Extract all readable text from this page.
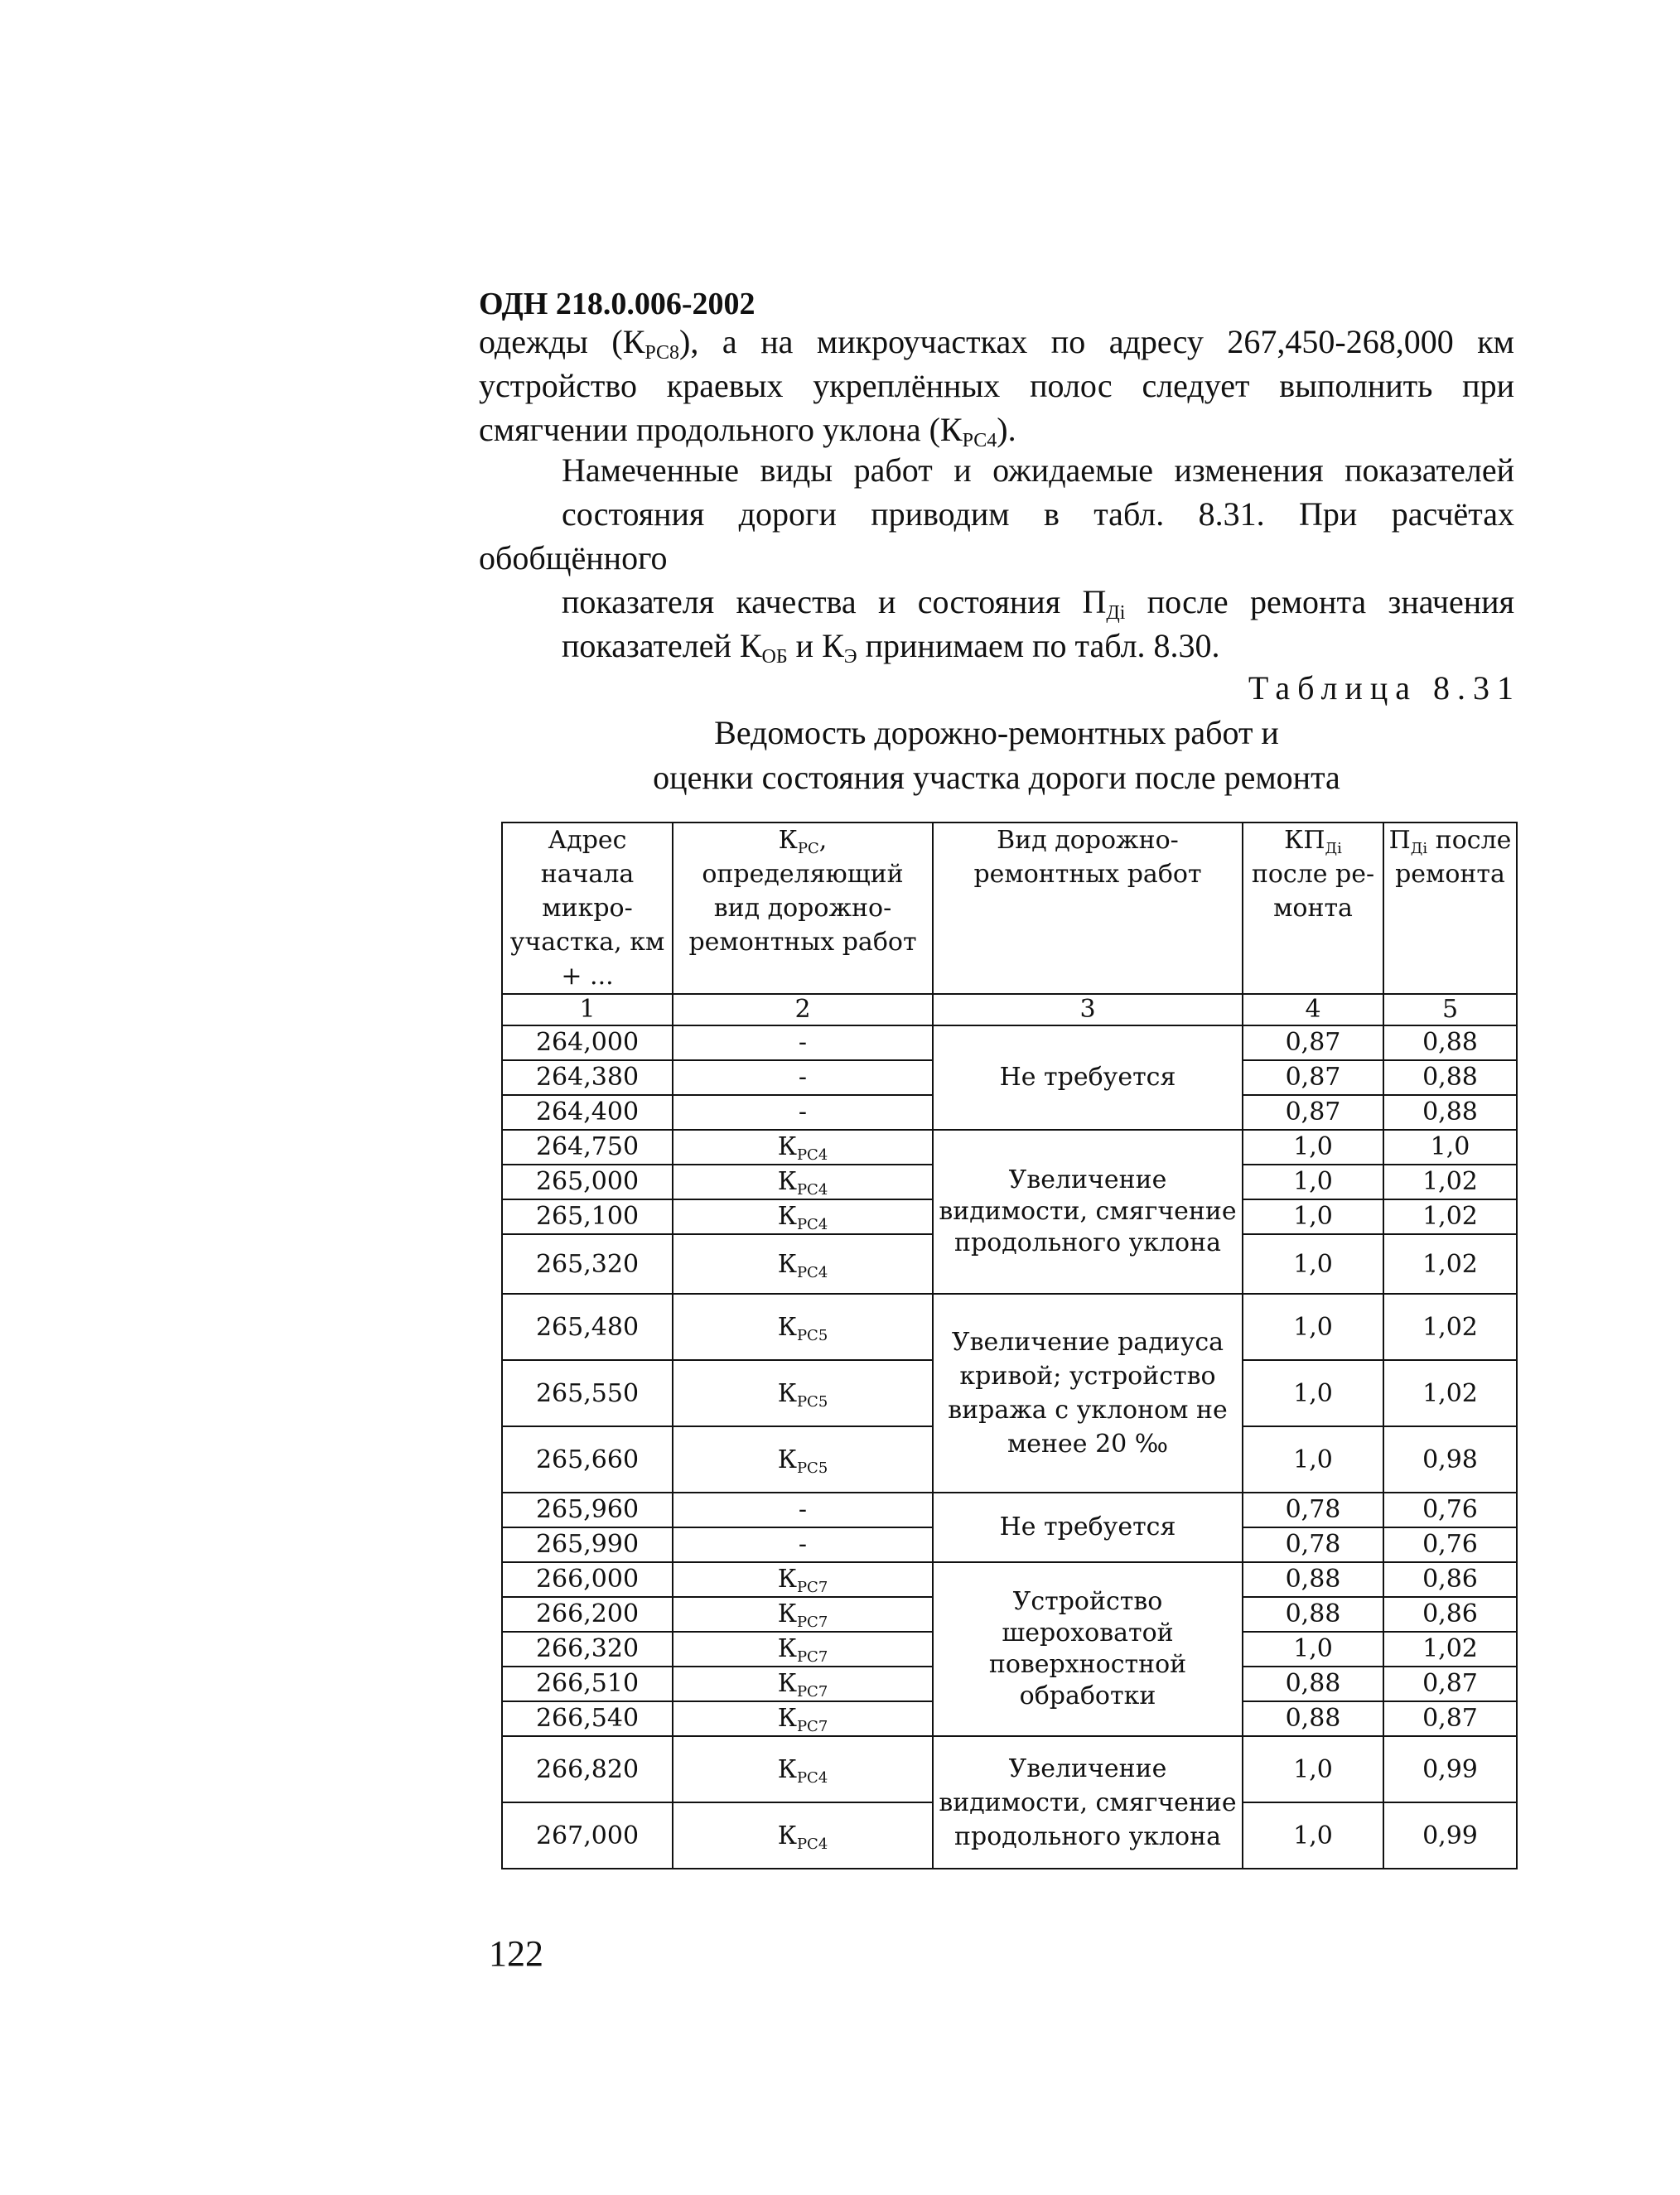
ОДН 218.0.006-2002
одежды $(К_{РС8})$, а на микроучастках по адресу 267,450-268,000 км
устройство краевых укреплённых полос следует выполнить при
смягчении продольного уклона $(К_{РС4})$.
Намеченные виды работ и ожидаемые изменения показателей
состояния дороги приводим в табл. 8.31. При расчётах обобщённого
показателя качества и состояния $П_{Дi}$ после ремонта значения
показателей $К_{ОБ}$ и $К_Э$ принимаем по табл. 8.30.
Таблица 8.31
Ведомость дорожно-ремонтных работ и
оценки состояния участка дороги после ремонта
Адрес начала микроучастка, км + ...	$К_{РС}$, определяющий вид дорожно-ремонтных работ	Вид дорожно-ремонтных работ	$КП_{Дi}$ после ремонта	$П_{Дi}$ после ремонта
1	2	3	4	5
264,000	-	Не требуется	0,87	0,88
264,380	-		0,87	0,88
264,400	-		0,87	0,88
264,750	$К_{РС4}$	Увеличение видимости, смягчение продольного уклона	1,0	1,0
265,000	$К_{РС4}$		1,0	1,02
265,100	$К_{РС4}$		1,0	1,02
265,320	$К_{РС4}$		1,0	1,02
265,480	$К_{РС5}$	Увеличение радиуса кривой; устройство виража с уклоном не менее 20 ‰	1,0	1,02
265,550	$К_{РС5}$		1,0	1,02
265,660	$К_{РС5}$		1,0	0,98
265,960	-	Не требуется	0,78	0,76
265,990	-		0,78	0,76
266,000	$К_{РС7}$	Устройство шероховатой поверхностной обработки	0,88	0,86
266,200	$К_{РС7}$		0,88	0,86
266,320	$К_{РС7}$		1,0	1,02
266,510	$К_{РС7}$		0,88	0,87
266,540	$К_{РС7}$		0,88	0,87
266,820	$К_{РС4}$	Увеличение видимости, смягчение продольного уклона	1,0	0,99
267,000	$К_{РС4}$		1,0	0,99
122
